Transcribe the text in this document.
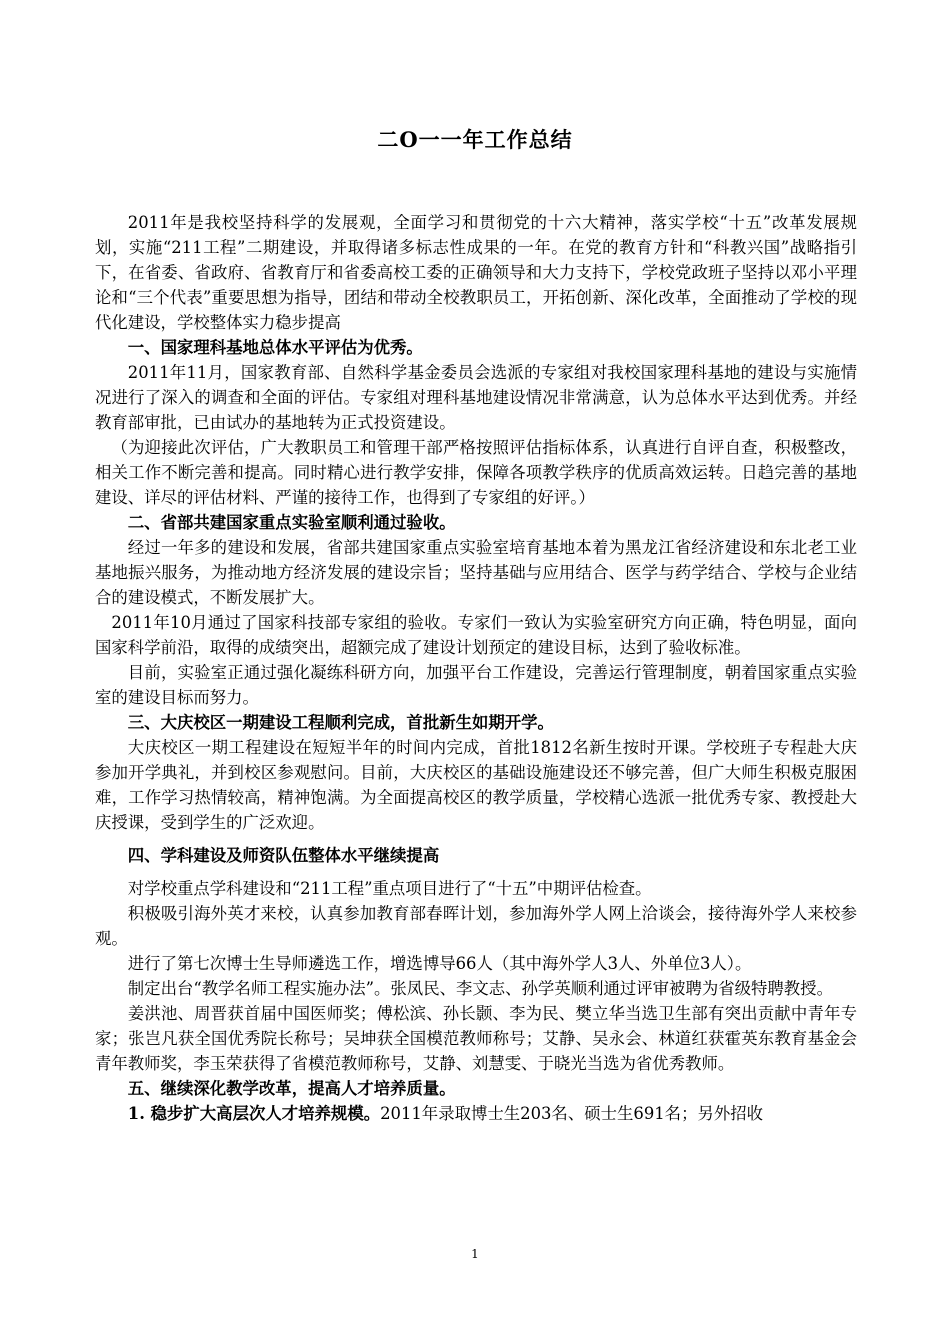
二O一一年工作总结

2011年是我校坚持科学的发展观，全面学习和贯彻党的十六大精神，落实学校“十五”改革发展规划，实施“211工程”二期建设，并取得诸多标志性成果的一年。在党的教育方针和“科教兴国”战略指引下，在省委、省政府、省教育厅和省委高校工委的正确领导和大力支持下，学校党政班子坚持以邓小平理论和“三个代表”重要思想为指导，团结和带动全校教职员工，开拓创新、深化改革，全面推动了学校的现代化建设，学校整体实力稳步提高

一、国家理科基地总体水平评估为优秀。

2011年11月，国家教育部、自然科学基金委员会选派的专家组对我校国家理科基地的建设与实施情况进行了深入的调查和全面的评估。专家组对理科基地建设情况非常满意，认为总体水平达到优秀。并经教育部审批，已由试办的基地转为正式投资建设。

（为迎接此次评估，广大教职员工和管理干部严格按照评估指标体系，认真进行自评自查，积极整改，相关工作不断完善和提高。同时精心进行教学安排，保障各项教学秩序的优质高效运转。日趋完善的基地建设、详尽的评估材料、严谨的接待工作，也得到了专家组的好评。）

二、省部共建国家重点实验室顺利通过验收。

经过一年多的建设和发展，省部共建国家重点实验室培育基地本着为黑龙江省经济建设和东北老工业基地振兴服务，为推动地方经济发展的建设宗旨；坚持基础与应用结合、医学与药学结合、学校与企业结合的建设模式，不断发展扩大。

2011年10月通过了国家科技部专家组的验收。专家们一致认为实验室研究方向正确，特色明显，面向国家科学前沿，取得的成绩突出，超额完成了建设计划预定的建设目标，达到了验收标准。

目前，实验室正通过强化凝练科研方向，加强平台工作建设，完善运行管理制度，朝着国家重点实验室的建设目标而努力。

三、大庆校区一期建设工程顺利完成，首批新生如期开学。

大庆校区一期工程建设在短短半年的时间内完成，首批1812名新生按时开课。学校班子专程赴大庆参加开学典礼，并到校区参观慰问。目前，大庆校区的基础设施建设还不够完善，但广大师生积极克服困难，工作学习热情较高，精神饱满。为全面提高校区的教学质量，学校精心选派一批优秀专家、教授赴大庆授课，受到学生的广泛欢迎。

四、学科建设及师资队伍整体水平继续提高

对学校重点学科建设和“211工程”重点项目进行了“十五”中期评估检查。

积极吸引海外英才来校，认真参加教育部春晖计划，参加海外学人网上洽谈会，接待海外学人来校参观。

进行了第七次博士生导师遴选工作，增选博导66人（其中海外学人3人、外单位3人）。

制定出台“教学名师工程实施办法”。张凤民、李文志、孙学英顺利通过评审被聘为省级特聘教授。

姜洪池、周晋获首届中国医师奖；傅松滨、孙长颢、李为民、樊立华当选卫生部有突出贡献中青年专家；张岂凡获全国优秀院长称号；吴坤获全国模范教师称号；艾静、吴永会、林道红获霍英东教育基金会青年教师奖，李玉荣获得了省模范教师称号，艾静、刘慧雯、于晓光当选为省优秀教师。

五、继续深化教学改革，提高人才培养质量。

1. 稳步扩大高层次人才培养规模。2011年录取博士生203名、硕士生691名；另外招收

1
